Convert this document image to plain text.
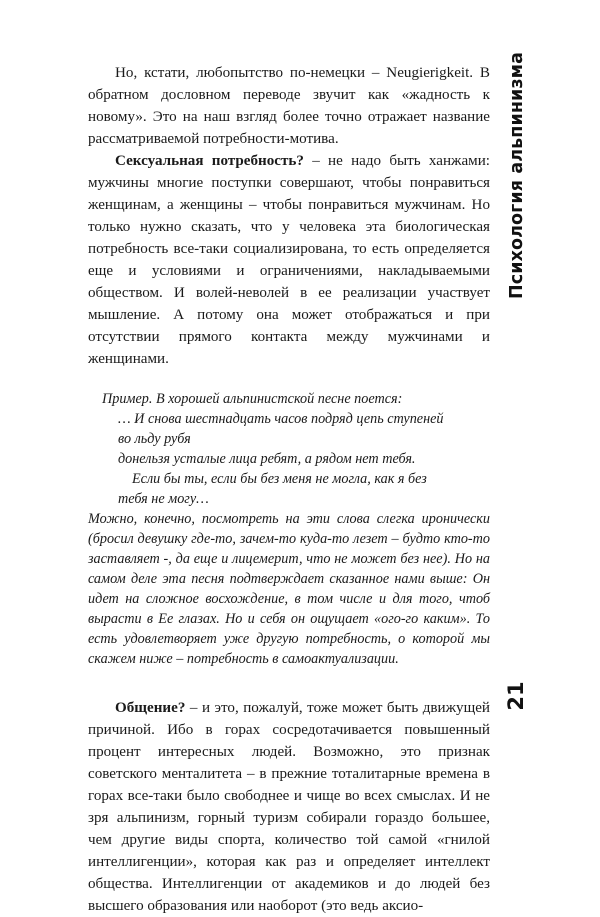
Но, кстати, любопытство по-немецки – Neugierigkeit. В обратном дословном переводе звучит как «жадность к новому». Это на наш взгляд более точно отражает название рассматриваемой потребности-мотива.

Сексуальная потребность? – не надо быть ханжами: мужчины многие поступки совершают, чтобы понравиться женщинам, а женщины – чтобы понравиться мужчинам. Но только нужно сказать, что у человека эта биологическая потребность все-таки социализирована, то есть определяется еще и условиями и ограничениями, накладываемыми обществом. И волей-неволей в ее реализации участвует мышление. А потому она может отображаться и при отсутствии прямого контакта между мужчинами и женщинами.

Пример. В хорошей альпинистской песне поется:

… И снова шестнадцать часов подряд цепь ступеней
во льду рубя
донельзя усталые лица ребят, а рядом нет тебя.
Если бы ты, если бы без меня не могла, как я без
тебя не могу…

Можно, конечно, посмотреть на эти слова слегка иронически (бросил девушку где-то, зачем-то куда-то лезет – будто кто-то заставляет -, да еще и лицемерит, что не может без нее). Но на самом деле эта песня подтверждает сказанное нами выше: Он идет на сложное восхождение, в том числе и для того, чтоб вырасти в Ее глазах. Но и себя он ощущает «ого-го каким». То есть удовлетворяет уже другую потребность, о которой мы скажем ниже – потребность в самоактуализации.

Общение? – и это, пожалуй, тоже может быть движущей причиной. Ибо в горах сосредотачивается повышенный процент интересных людей. Возможно, это признак советского менталитета – в прежние тоталитарные времена в горах все-таки было свободнее и чище во всех смыслах. И не зря альпинизм, горный туризм собирали гораздо большее, чем другие виды спорта, количество той самой «гнилой интеллигенции», которая как раз и определяет интеллект общества. Интеллигенции от академиков и до людей без высшего образования или наоборот (это ведь аксио-

Психология альпинизма
21
